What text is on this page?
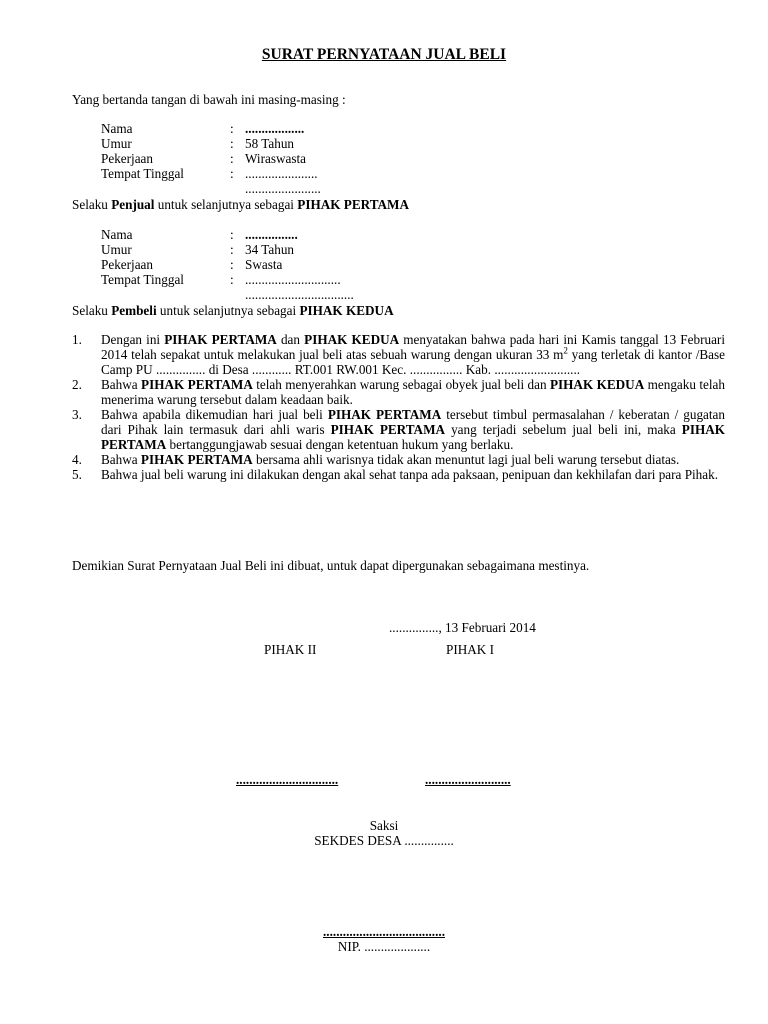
SURAT PERNYATAAN JUAL BELI
Yang bertanda tangan di bawah ini masing-masing :
Nama	: ..................
Umur	: 58 Tahun
Pekerjaan	: Wiraswasta
Tempat Tinggal	: ......................
.......................
Selaku Penjual untuk selanjutnya sebagai PIHAK PERTAMA
Nama	: ................
Umur	: 34 Tahun
Pekerjaan	: Swasta
Tempat Tinggal	: .............................
.................................
Selaku Pembeli untuk selanjutnya sebagai PIHAK KEDUA
1. Dengan ini PIHAK PERTAMA dan PIHAK KEDUA menyatakan bahwa pada hari ini Kamis tanggal 13 Februari 2014 telah sepakat untuk melakukan jual beli atas sebuah warung dengan ukuran 33 $m^2$ yang terletak di kantor /Base Camp PU ............... di Desa ............ RT.001 RW.001 Kec. ................ Kab. ..........................
2. Bahwa PIHAK PERTAMA telah menyerahkan warung sebagai obyek jual beli dan PIHAK KEDUA mengaku telah menerima warung tersebut dalam keadaan baik.
3. Bahwa apabila dikemudian hari jual beli PIHAK PERTAMA tersebut timbul permasalahan / keberatan / gugatan dari Pihak lain termasuk dari ahli waris PIHAK PERTAMA yang terjadi sebelum jual beli ini, maka PIHAK PERTAMA bertanggungjawab sesuai dengan ketentuan hukum yang berlaku.
4. Bahwa PIHAK PERTAMA bersama ahli warisnya tidak akan menuntut lagi jual beli warung tersebut diatas.
5. Bahwa jual beli warung ini dilakukan dengan akal sehat tanpa ada paksaan, penipuan dan kekhilafan dari para Pihak.
Demikian Surat Pernyataan Jual Beli ini dibuat, untuk dapat dipergunakan sebagaimana mestinya.
..............., 13 Februari 2014
PIHAK II	PIHAK I
...............................	..........................
Saksi
SEKDES DESA ...............
.....................................
NIP. ....................
